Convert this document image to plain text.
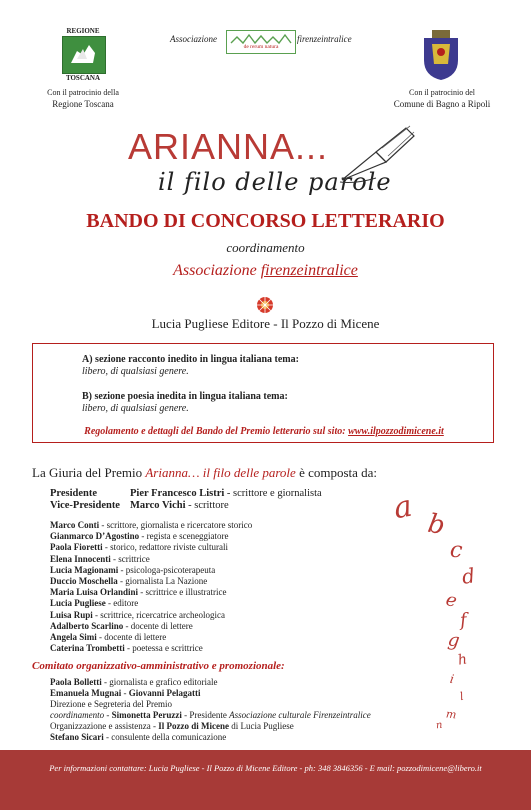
REGIONE
TOSCANA
Con il patrocinio della
Regione Toscana
Associazione
de rerum natura
firenzeintralice
Con il patrocinio del
Comune di Bagno a Ripoli
ARIANNA...
il filo delle parole
BANDO DI CONCORSO LETTERARIO
coordinamento
Associazione firenzeintralice
Lucia Pugliese Editore - Il Pozzo di Micene
A) sezione racconto inedito in lingua italiana tema:
libero, di qualsiasi genere.
B) sezione poesia inedita in lingua italiana tema:
libero, di qualsiasi genere.
Regolamento e dettagli del Bando del Premio letterario sul sito: www.ilpozzodimicene.it
La Giuria del Premio Arianna… il filo delle parole è composta da:
Presidente	Pier Francesco Listri - scrittore e giornalista
Vice-Presidente Marco Vichi - scrittore
Marco Conti - scrittore, giornalista e ricercatore storico
Gianmarco D’Agostino - regista e sceneggiatore
Paola Fioretti - storico, redattore riviste culturali
Elena Innocenti - scrittrice
Lucia Magionami - psicologa-psicoterapeuta
Duccio Moschella - giornalista La Nazione
Maria Luisa Orlandini - scrittrice e illustratrice
Lucia Pugliese - editore
Luisa Rupi - scrittrice, ricercatrice archeologica
Adalberto Scarlino - docente di lettere
Angela Simi - docente di lettere
Caterina Trombetti - poetessa e scrittrice
Comitato organizzativo-amministrativo e promozionale:
Paola Bolletti - giornalista e grafico editoriale
Emanuela Mugnai - Giovanni Pelagatti
Direzione e Segreteria del Premio
coordinamento - Simonetta Peruzzi - Presidente Associazione culturale Firenzeintralice
Organizzazione e assistenza - Il Pozzo di Micene di Lucia Pugliese
Stefano Sicari - consulente della comunicazione
a b
c
d
e
f
g
h
i
l
m
n
Per informazioni contattare: Lucia Pugliese - Il Pozzo di Micene Editore - ph: 348 3846356 - E mail: pozzodimicene@libero.it
